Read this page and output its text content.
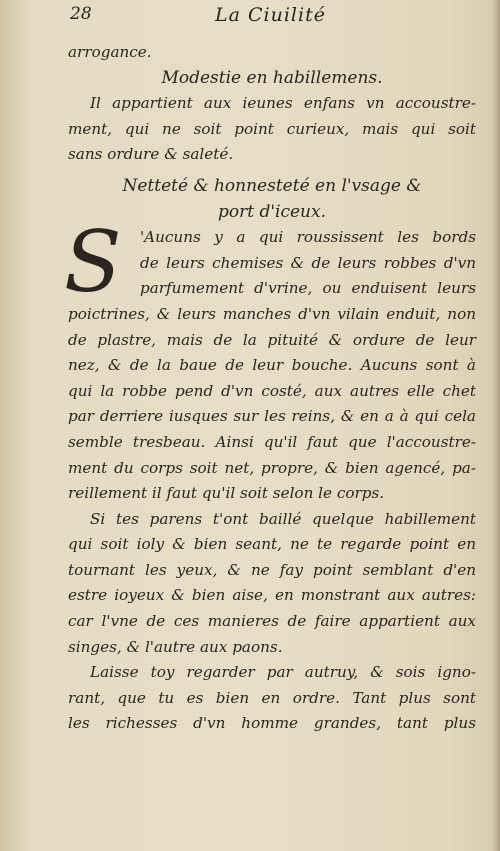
28	La Ciuilité
arrogance.
Modestie en habillemens.
Il appartient aux ieunes enfans vn accoustre-
ment, qui ne soit point curieux, mais qui soit
sans ordure & saleté.
Netteté & honnesteté en l'vsage &
port d'iceux.
S	'Aucuns y a qui roussissent les bords
de leurs chemises & de leurs robbes d'vn
parfumement d'vrine, ou enduisent leurs
poictrines, & leurs manches d'vn vilain enduit, non
de plastre, mais de la pituité & ordure de leur
nez, & de la baue de leur bouche. Aucuns sont à
qui la robbe pend d'vn costé, aux autres elle chet
par derriere iusques sur les reins, & en a à qui cela
semble tresbeau. Ainsi qu'il faut que l'accoustre-
ment du corps soit net, propre, & bien agencé, pa-
reillement il faut qu'il soit selon le corps.
Si tes parens t'ont baillé quelque habillement
qui soit ioly & bien seant, ne te regarde point en
tournant les yeux, & ne fay point semblant d'en
estre ioyeux & bien aise, en monstrant aux autres:
car l'vne de ces manieres de faire appartient aux
singes, & l'autre aux paons.
Laisse toy regarder par autruy, & sois igno-
rant, que tu es bien en ordre. Tant plus sont
les richesses d'vn homme grandes, tant plus
